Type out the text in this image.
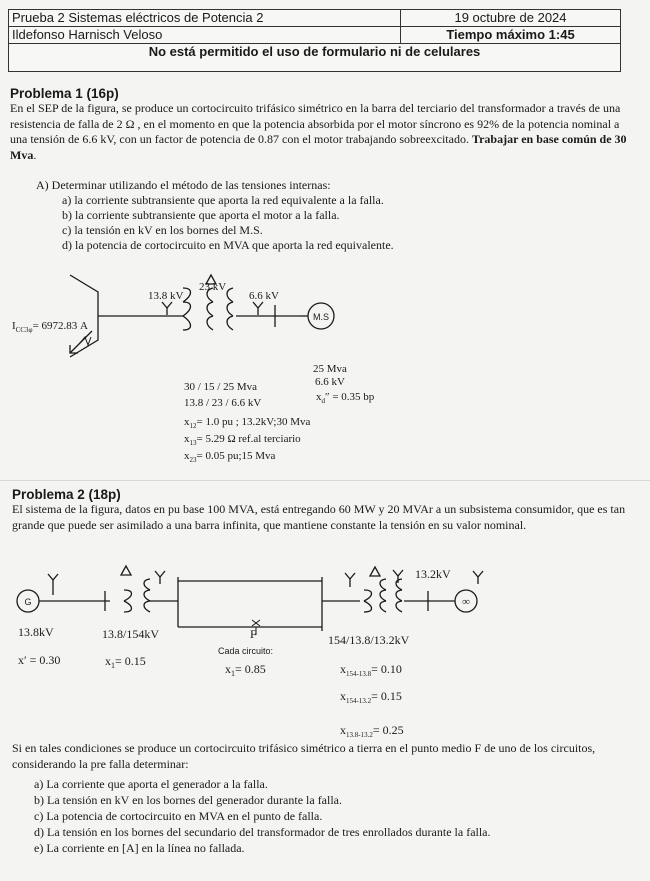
Prueba 2 Sistemas eléctricos de Potencia 2	19 octubre de 2024
Ildefonso Harnisch Veloso	Tiempo máximo 1:45
No está permitido el uso de formulario ni de celulares
Problema 1 (16p)
En el SEP de la figura, se produce un cortocircuito trifásico simétrico en la barra del terciario del transformador a través de una resistencia de falla de 2 Ω , en el momento en que la potencia absorbida por el motor síncrono es 92% de la potencia nominal a una tensión de 6.6 kV, con un factor de potencia de 0.87 con el motor trabajando sobreexcitado. Trabajar en base común de 30 Mva.
A) Determinar utilizando el método de las tensiones internas:
a) la corriente subtransiente que aporta la red equivalente a la falla.
b) la corriente subtransiente que aporta el motor a la falla.
c) la tensión en kV en los bornes del M.S.
d) la potencia de cortocircuito en MVA que aporta la red equivalente.
13.8 kV
23 kV
6.6 kV
$I_{CC3\varphi}= 6972.83$ A
M.S
25 Mva
6.6 kV
$x_d'' = 0.35$ bp
30 / 15 / 25 Mva
13.8 / 23 / 6.6 kV
$x_{12}= 1.0$ pu ; 13.2kV;30 Mva
$x_{13}= 5.29$ Ω ref.al terciario
$x_{23}= 0.05$ pu;15 Mva
Problema 2 (18p)
El sistema de la figura, datos en pu base 100 MVA, está entregando 60 MW y 20 MVAr a un subsistema consumidor, que es tan grande que puede ser asimilado a una barra infinita, que mantiene constante la tensión en su valor nominal.
G	∞
13.2kV
13.8kV	13.8/154kV	F	154/13.8/13.2kV
Cada circuito:
x′ = 0.30	$x_1= 0.15$
$x_1= 0.85$	$x_{154-13.8}= 0.10$
$x_{154-13.2}= 0.15$
$x_{13.8-13.2}= 0.25$
Si en tales condiciones se produce un cortocircuito trifásico simétrico a tierra en el punto medio F de uno de los circuitos, considerando la pre falla determinar:
a) La corriente que aporta el generador a la falla.
b) La tensión en kV en los bornes del generador durante la falla.
c) La potencia de cortocircuito en MVA en el punto de falla.
d) La tensión en los bornes del secundario del transformador de tres enrollados durante la falla.
e) La corriente en [A] en la línea no fallada.
